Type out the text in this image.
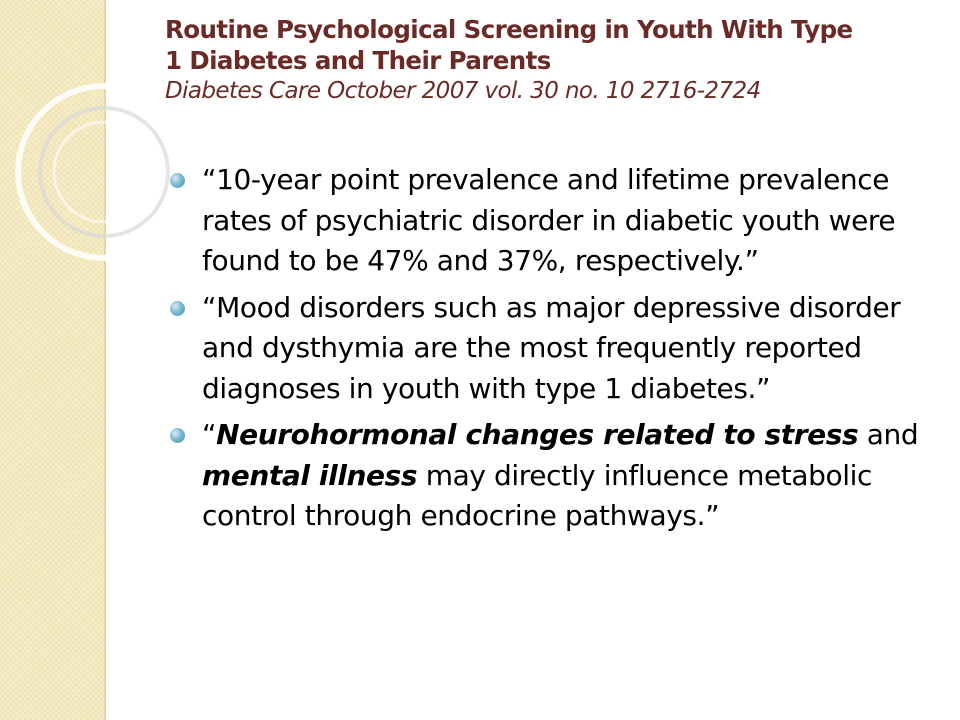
Routine Psychological Screening in Youth With Type

1 Diabetes and Their Parents

Diabetes Care October 2007 vol. 30 no. 10 2716-2724

“10-year point prevalence and lifetime prevalence rates of psychiatric disorder in diabetic youth were found to be 47% and 37%, respectively.”
“Mood disorders such as major depressive disorder and dysthymia are the most frequently reported diagnoses in youth with type 1 diabetes.”
“Neurohormonal changes related to stress and mental illness may directly influence metabolic control through endocrine pathways.”
